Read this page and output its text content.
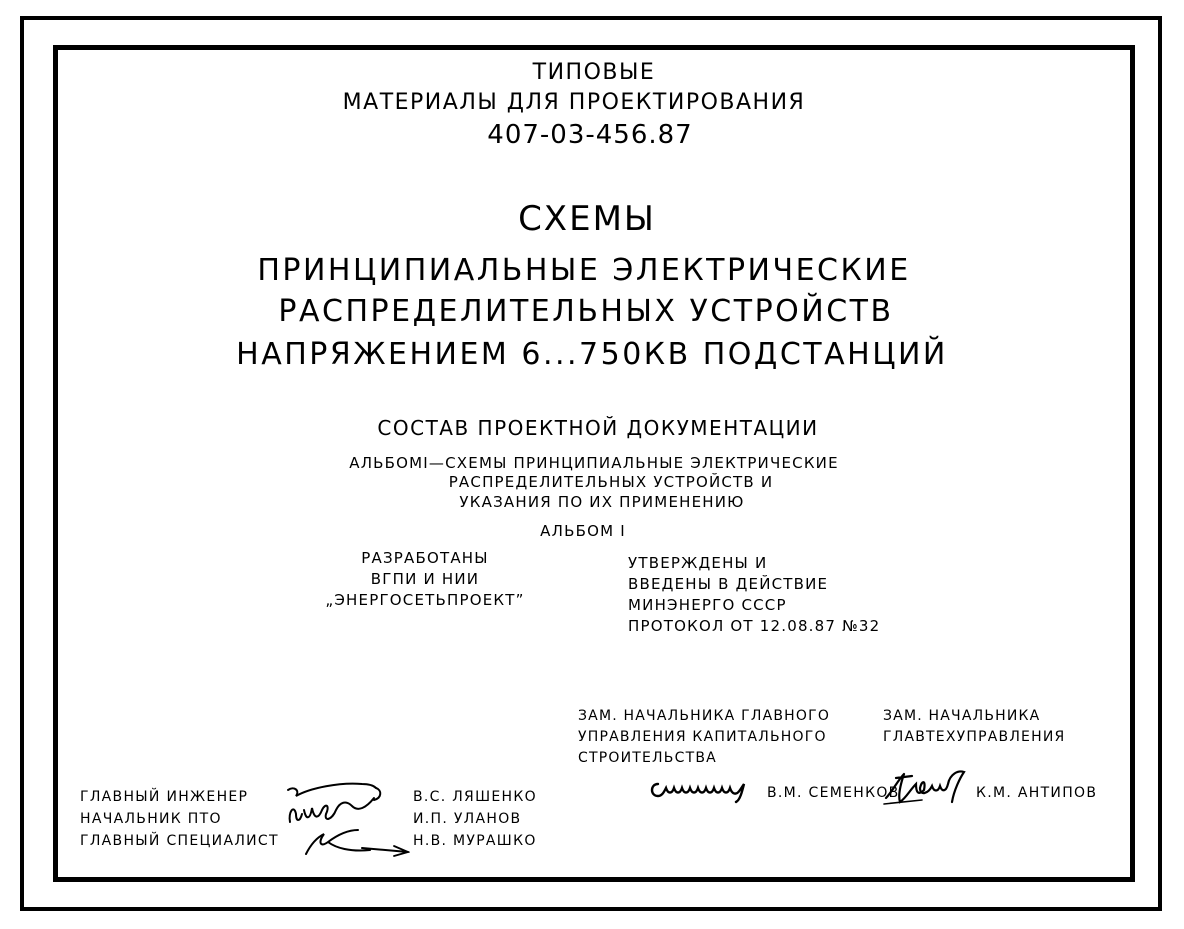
ТИПОВЫЕ
МАТЕРИАЛЫ ДЛЯ ПРОЕКТИРОВАНИЯ
407-03-456.87
СХЕМЫ
ПРИНЦИПИАЛЬНЫЕ ЭЛЕКТРИЧЕСКИЕ
РАСПРЕДЕЛИТЕЛЬНЫХ УСТРОЙСТВ
НАПРЯЖЕНИЕМ 6...750КВ ПОДСТАНЦИЙ
СОСТАВ ПРОЕКТНОЙ ДОКУМЕНТАЦИИ
АЛЬБОМI—СХЕМЫ ПРИНЦИПИАЛЬНЫЕ ЭЛЕКТРИЧЕСКИЕ
РАСПРЕДЕЛИТЕЛЬНЫХ УСТРОЙСТВ И
УКАЗАНИЯ ПО ИХ ПРИМЕНЕНИЮ
АЛЬБОМ I
РАЗРАБОТАНЫ
ВГПИ И НИИ
„ЭНЕРГОСЕТЬПРОЕКТ”
УТВЕРЖДЕНЫ И
ВВЕДЕНЫ В ДЕЙСТВИЕ
МИНЭНЕРГО СССР
ПРОТОКОЛ ОТ 12.08.87 №32
ЗАМ. НАЧАЛЬНИКА ГЛАВНОГО
УПРАВЛЕНИЯ КАПИТАЛЬНОГО
СТРОИТЕЛЬСТВА
ЗАМ. НАЧАЛЬНИКА
ГЛАВТЕХУПРАВЛЕНИЯ
В.М. СЕМЕНКОВ	К.М. АНТИПОВ
ГЛАВНЫЙ ИНЖЕНЕР
НАЧАЛЬНИК ПТО
ГЛАВНЫЙ СПЕЦИАЛИСТ
В.С. ЛЯШЕНКО
И.П. УЛАНОВ
Н.В. МУРАШКО
